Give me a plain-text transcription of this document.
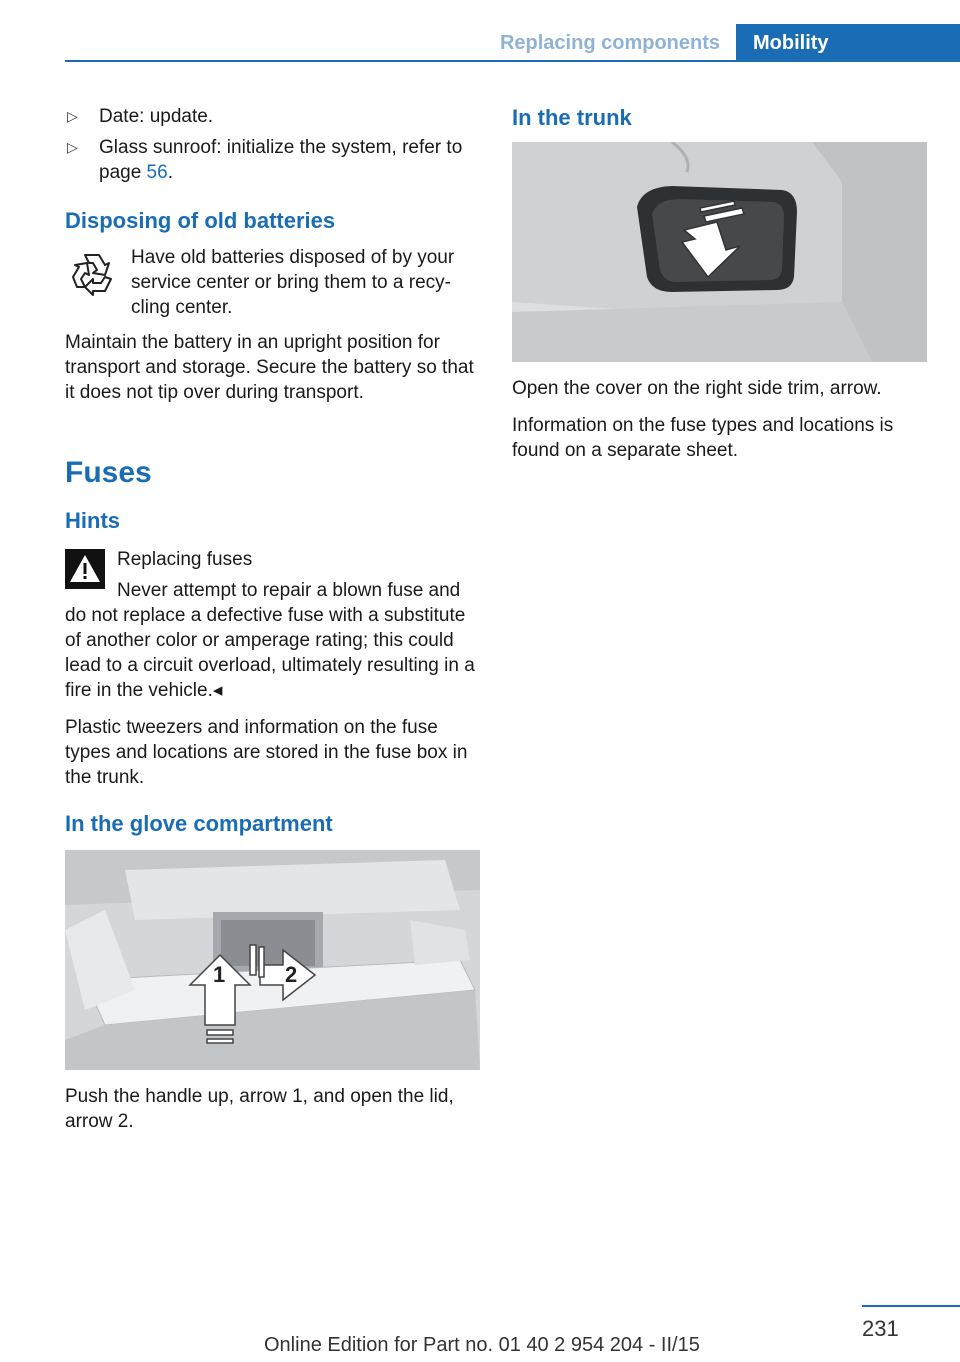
Replacing components	Mobility
▷ Date: update.
▷ Glass sunroof: initialize the system, refer to page 56.
Disposing of old batteries
Have old batteries disposed of by your service center or bring them to a recycling center.

Maintain the battery in an upright position for transport and storage. Secure the battery so that it does not tip over during transport.

Fuses
Hints
Replacing fuses

Never attempt to repair a blown fuse and do not replace a defective fuse with a substitute of another color or amperage rating; this could lead to a circuit overload, ultimately resulting in a fire in the vehicle.◂

Plastic tweezers and information on the fuse types and locations are stored in the fuse box in the trunk.

In the glove compartment
1	2

Push the handle up, arrow 1, and open the lid, arrow 2.

In the trunk

Open the cover on the right side trim, arrow.

Information on the fuse types and locations is found on a separate sheet.

231
Online Edition for Part no. 01 40 2 954 204 - II/15
